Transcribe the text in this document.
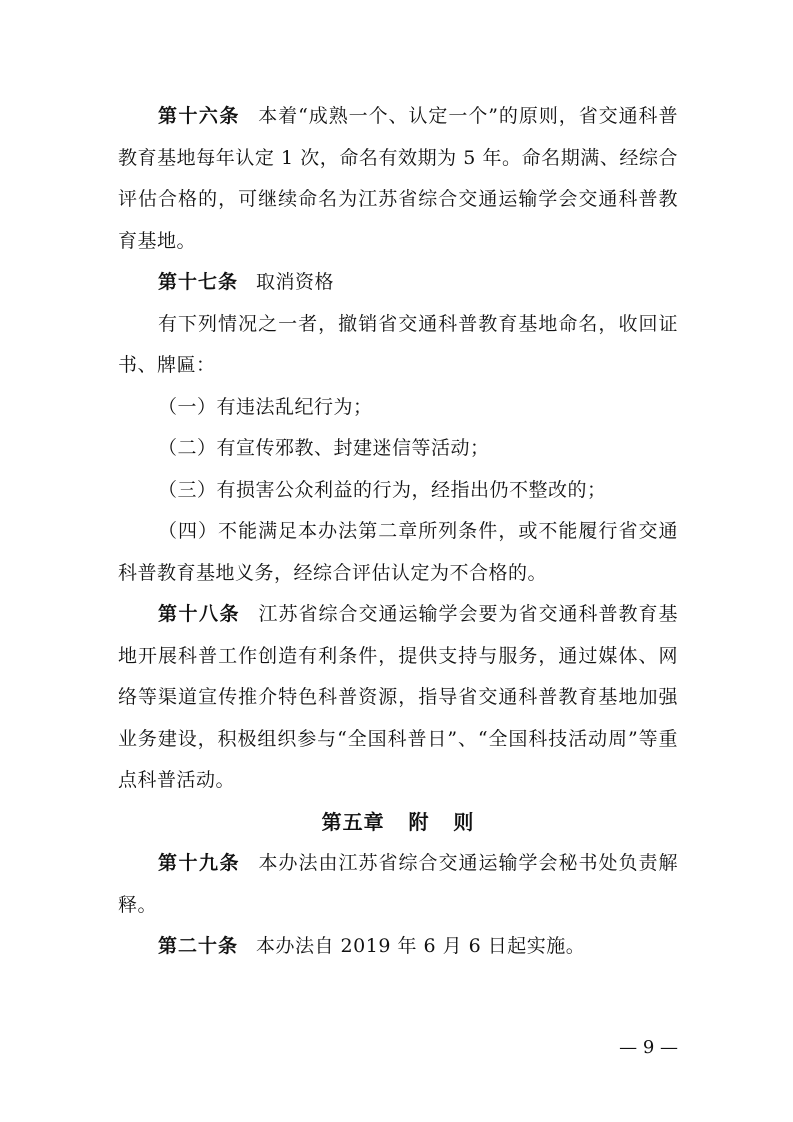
第十六条 本着“成熟一个、认定一个”的原则，省交通科普教育基地每年认定 1 次，命名有效期为 5 年。命名期满、经综合评估合格的，可继续命名为江苏省综合交通运输学会交通科普教育基地。

第十七条 取消资格

有下列情况之一者，撤销省交通科普教育基地命名，收回证书、牌匾：

（一）有违法乱纪行为；

（二）有宣传邪教、封建迷信等活动；

（三）有损害公众利益的行为，经指出仍不整改的；

（四）不能满足本办法第二章所列条件，或不能履行省交通科普教育基地义务，经综合评估认定为不合格的。

第十八条 江苏省综合交通运输学会要为省交通科普教育基地开展科普工作创造有利条件，提供支持与服务，通过媒体、网络等渠道宣传推介特色科普资源，指导省交通科普教育基地加强业务建设，积极组织参与“全国科普日”、“全国科技活动周”等重点科普活动。

第五章   附   则

第十九条 本办法由江苏省综合交通运输学会秘书处负责解释。

第二十条 本办法自 2019 年 6 月 6 日起实施。

— 9 —
